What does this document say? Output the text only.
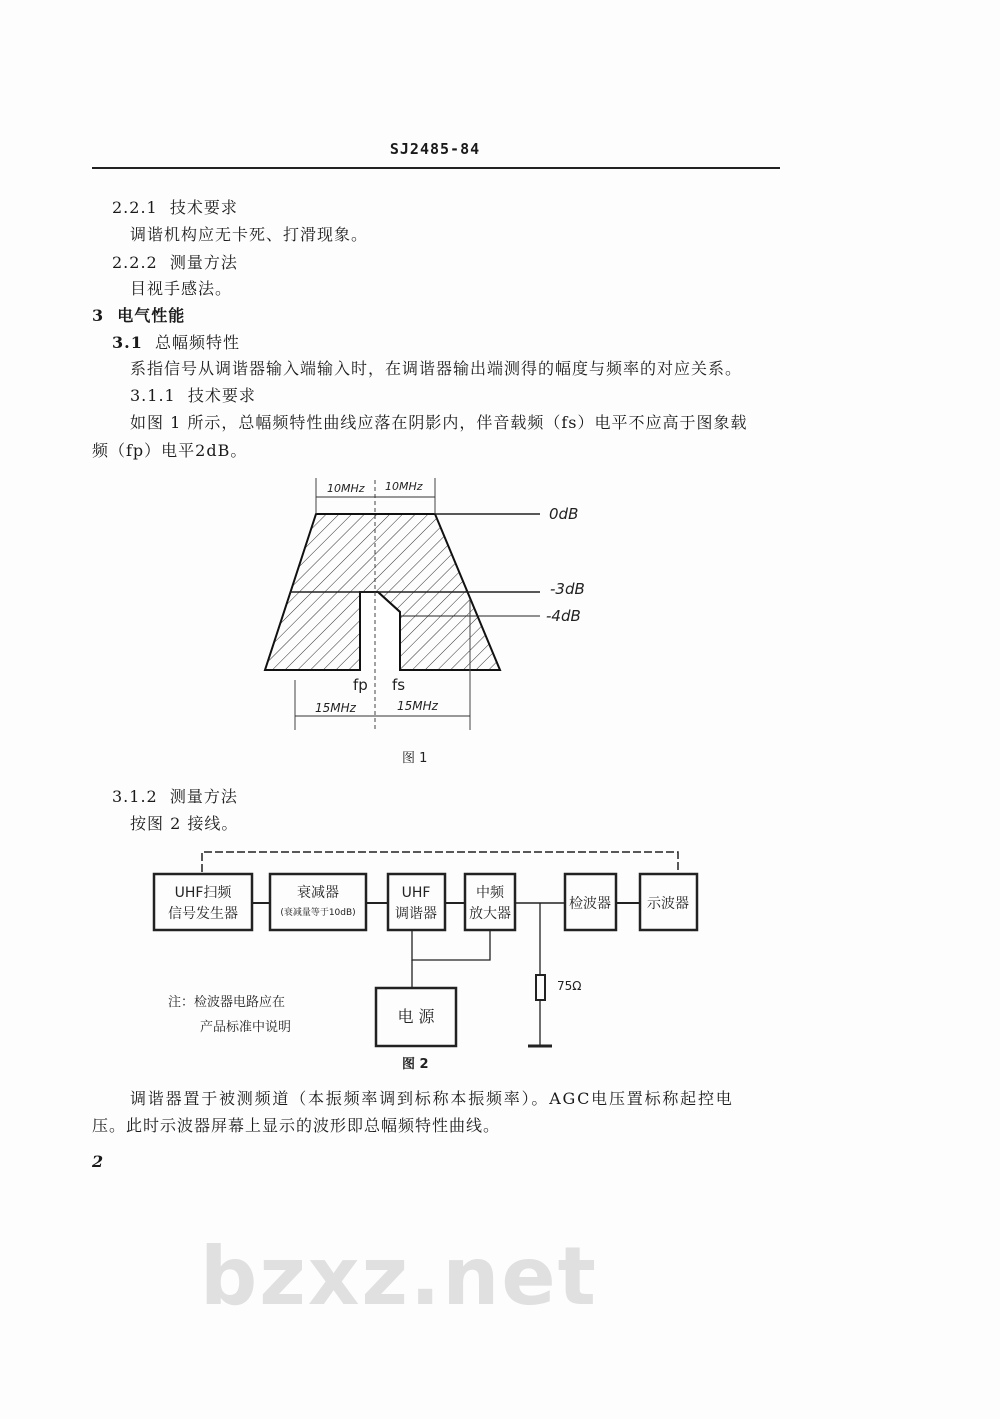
bzxz.net
SJ2485-84
2.2.1 技术要求
调谐机构应无卡死、打滑现象。
2.2.2 测量方法
目视手感法。
3 电气性能
3.1 总幅频特性
系指信号从调谐器输入端输入时，在调谐器输出端测得的幅度与频率的对应关系。
3.1.1 技术要求
如图 1 所示，总幅频特性曲线应落在阴影内，伴音载频（fs）电平不应高于图象载
频（fp）电平2dB。
10MHz 10MHz
0dB
-3dB
-4dB
fp fs
15MHz	15MHz
图 1
3.1.2 测量方法
按图 2 接线。
UHF扫频
信号发生器
衰减器
(衰减量等于10dB)
UHF
调谐器
中频
放大器
检波器	示波器
电 源
75Ω
注：检波器电路应在
产品标准中说明
图 2
调谐器置于被测频道（本振频率调到标称本振频率）。AGC电压置标称起控电
压。此时示波器屏幕上显示的波形即总幅频特性曲线。
2
